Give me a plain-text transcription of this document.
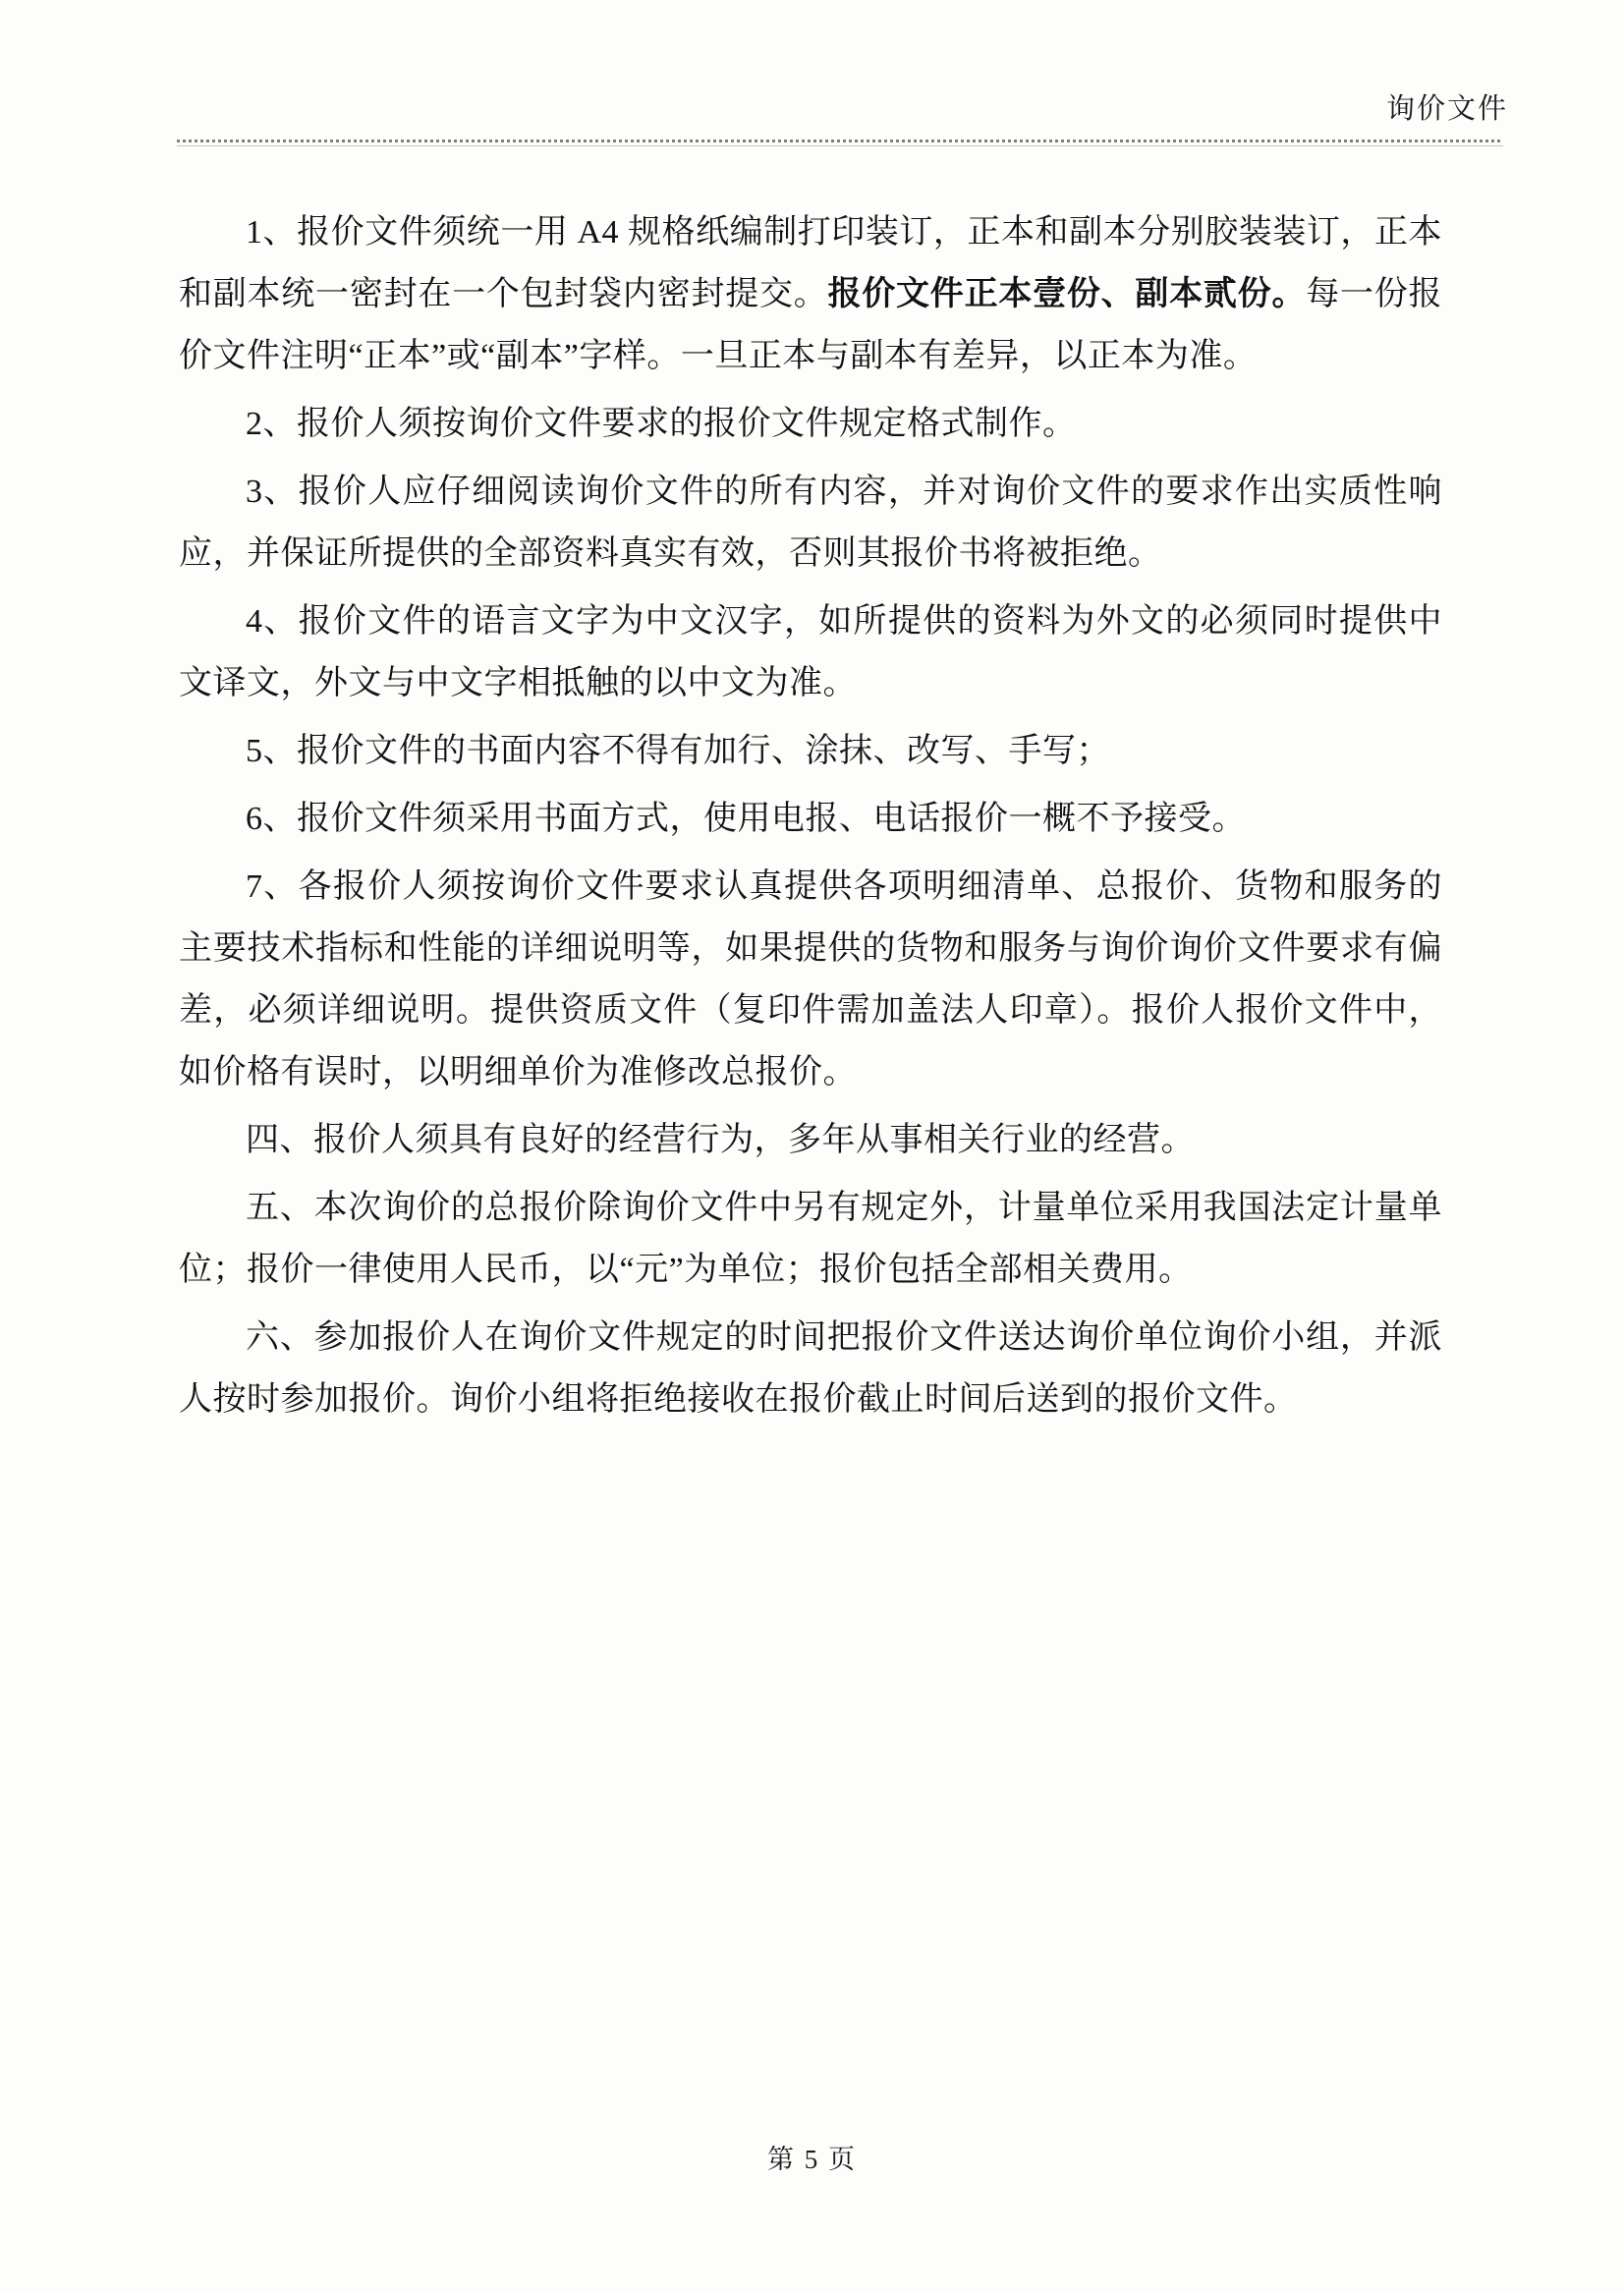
询价文件

1、报价文件须统一用 A4 规格纸编制打印装订，正本和副本分别胶装装订，正本和副本统一密封在一个包封袋内密封提交。报价文件正本壹份、副本贰份。每一份报价文件注明“正本”或“副本”字样。一旦正本与副本有差异，以正本为准。

2、报价人须按询价文件要求的报价文件规定格式制作。

3、报价人应仔细阅读询价文件的所有内容，并对询价文件的要求作出实质性响应，并保证所提供的全部资料真实有效，否则其报价书将被拒绝。

4、报价文件的语言文字为中文汉字，如所提供的资料为外文的必须同时提供中文译文，外文与中文字相抵触的以中文为准。

5、报价文件的书面内容不得有加行、涂抹、改写、手写；

6、报价文件须采用书面方式，使用电报、电话报价一概不予接受。

7、各报价人须按询价文件要求认真提供各项明细清单、总报价、货物和服务的主要技术指标和性能的详细说明等，如果提供的货物和服务与询价询价文件要求有偏差，必须详细说明。提供资质文件（复印件需加盖法人印章）。报价人报价文件中，如价格有误时，以明细单价为准修改总报价。

四、报价人须具有良好的经营行为，多年从事相关行业的经营。

五、本次询价的总报价除询价文件中另有规定外，计量单位采用我国法定计量单位；报价一律使用人民币，以“元”为单位；报价包括全部相关费用。

六、参加报价人在询价文件规定的时间把报价文件送达询价单位询价小组，并派人按时参加报价。询价小组将拒绝接收在报价截止时间后送到的报价文件。

第 5 页
